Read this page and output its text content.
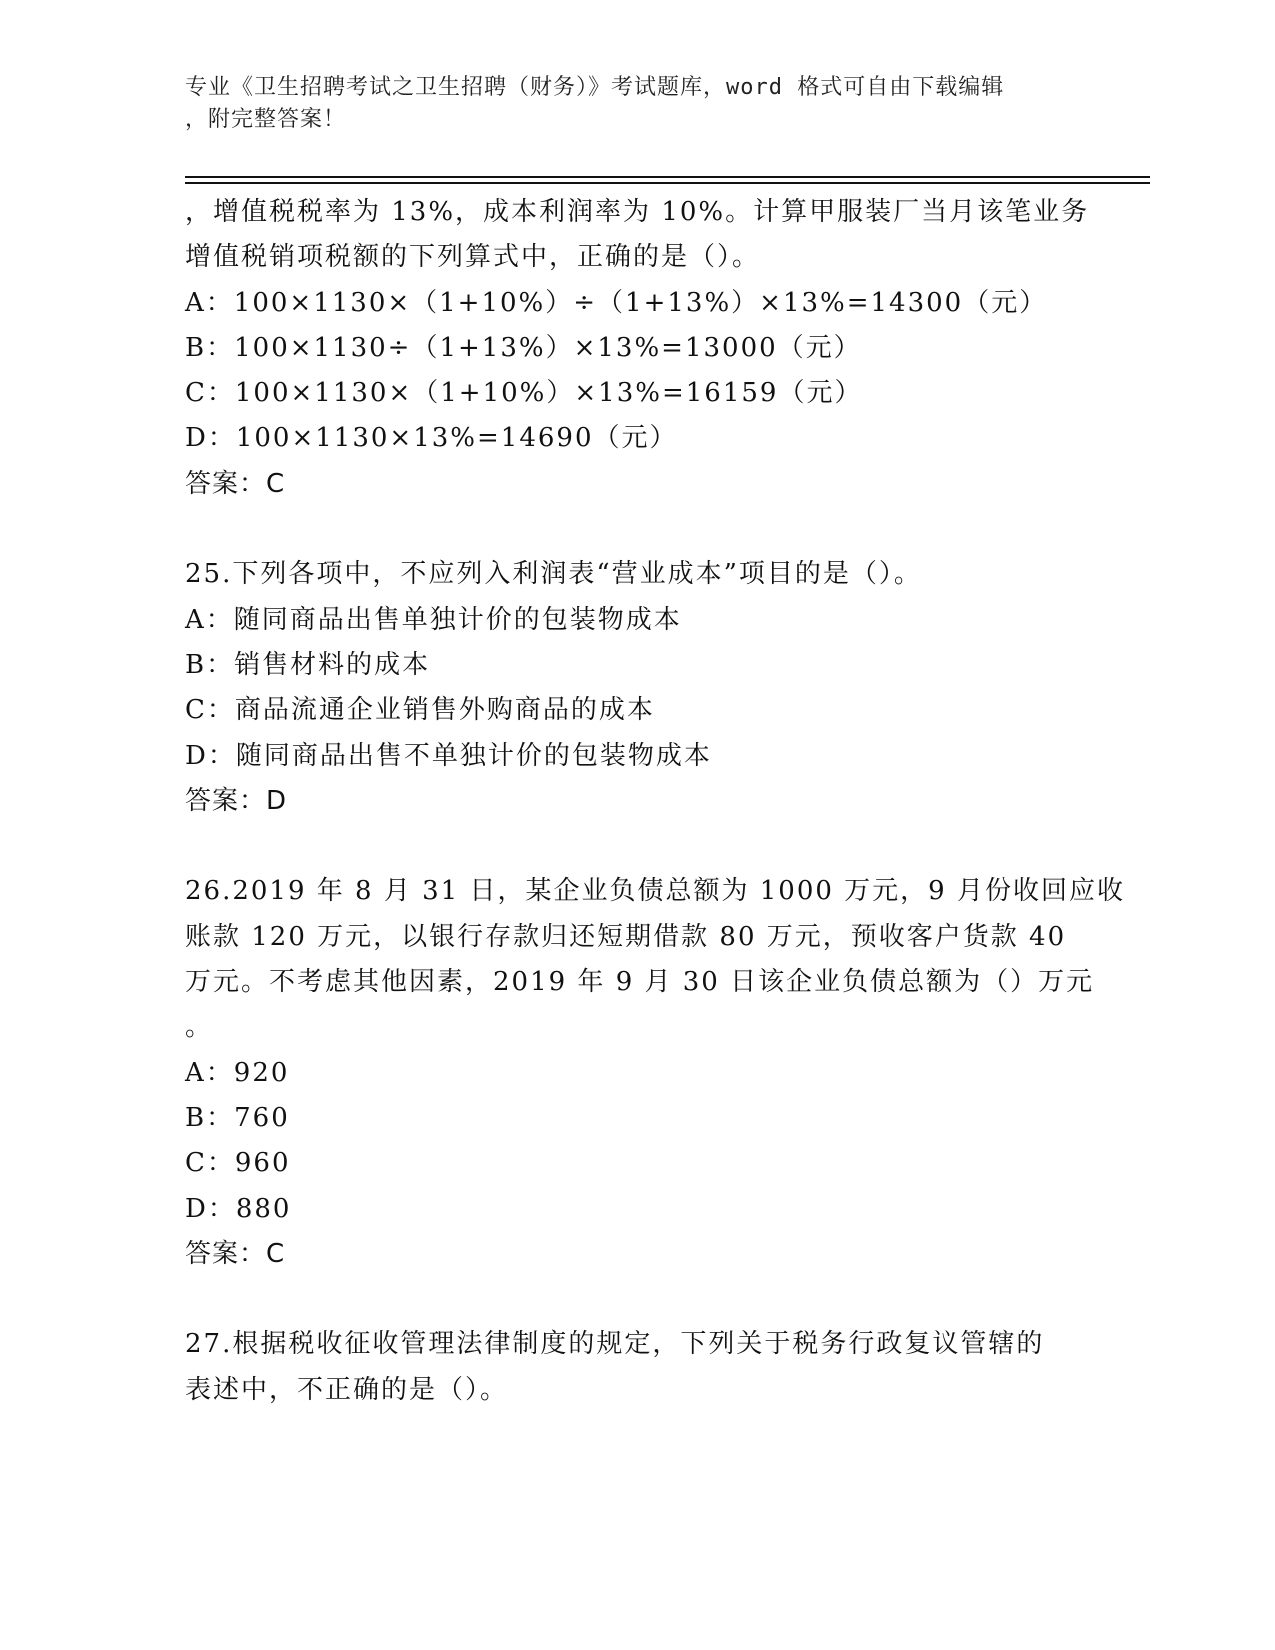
专业《卫生招聘考试之卫生招聘（财务）》考试题库，word 格式可自由下载编辑
，附完整答案！
，增值税税率为 13%，成本利润率为 10%。计算甲服装厂当月该笔业务
增值税销项税额的下列算式中，正确的是（）。
A：100×1130×（1+10%）÷（1+13%）×13%=14300（元）
B：100×1130÷（1+13%）×13%=13000（元）
C：100×1130×（1+10%）×13%=16159（元）
D：100×1130×13%=14690（元）
答案：C
25.下列各项中，不应列入利润表“营业成本”项目的是（）。
A：随同商品出售单独计价的包装物成本
B：销售材料的成本
C：商品流通企业销售外购商品的成本
D：随同商品出售不单独计价的包装物成本
答案：D
26.2019 年 8 月 31 日，某企业负债总额为 1000 万元，9 月份收回应收
账款 120 万元，以银行存款归还短期借款 80 万元，预收客户货款 40
万元。不考虑其他因素，2019 年 9 月 30 日该企业负债总额为（）万元
。
A：920
B：760
C：960
D：880
答案：C
27.根据税收征收管理法律制度的规定，下列关于税务行政复议管辖的
表述中，不正确的是（）。
